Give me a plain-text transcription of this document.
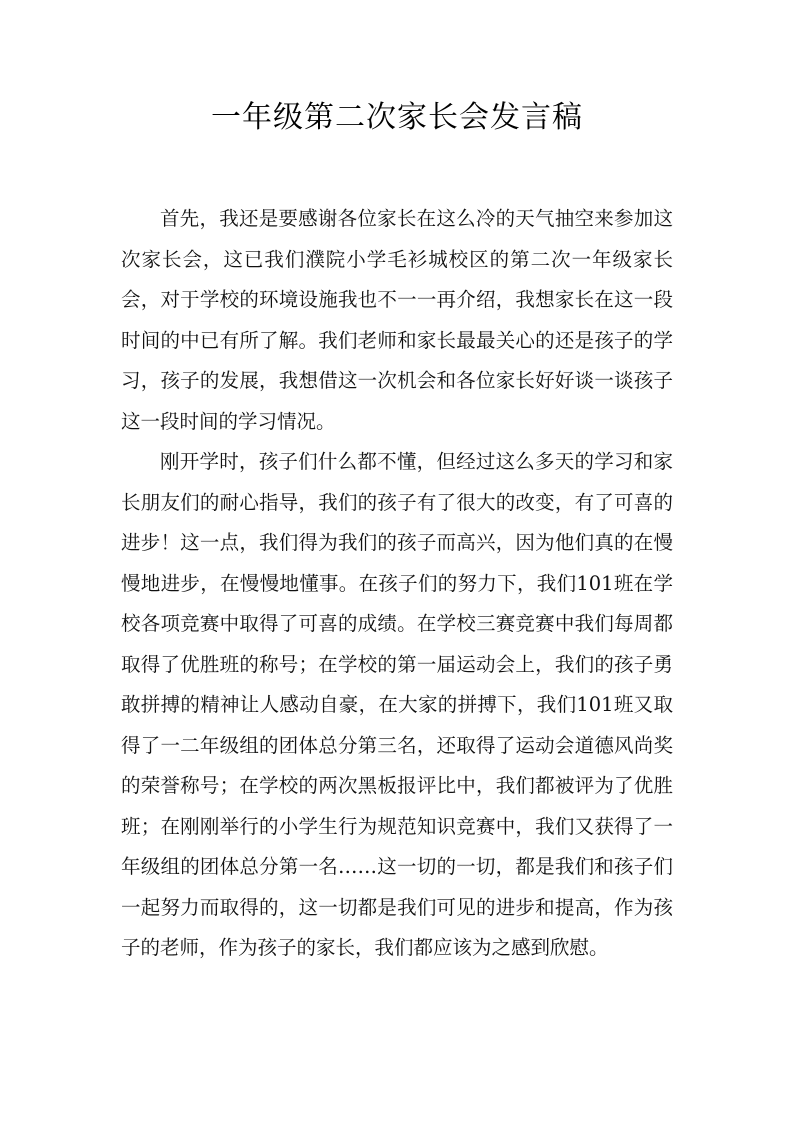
一年级第二次家长会发言稿

首先，我还是要感谢各位家长在这么冷的天气抽空来参加这次家长会，这已我们濮院小学毛衫城校区的第二次一年级家长会，对于学校的环境设施我也不一一再介绍，我想家长在这一段时间的中已有所了解。我们老师和家长最最关心的还是孩子的学习，孩子的发展，我想借这一次机会和各位家长好好谈一谈孩子这一段时间的学习情况。

刚开学时，孩子们什么都不懂，但经过这么多天的学习和家长朋友们的耐心指导，我们的孩子有了很大的改变，有了可喜的进步！这一点，我们得为我们的孩子而高兴，因为他们真的在慢慢地进步，在慢慢地懂事。在孩子们的努力下，我们101班在学校各项竞赛中取得了可喜的成绩。在学校三赛竞赛中我们每周都取得了优胜班的称号；在学校的第一届运动会上，我们的孩子勇敢拼搏的精神让人感动自豪，在大家的拼搏下，我们101班又取得了一二年级组的团体总分第三名，还取得了运动会道德风尚奖的荣誉称号；在学校的两次黑板报评比中，我们都被评为了优胜班；在刚刚举行的小学生行为规范知识竞赛中，我们又获得了一年级组的团体总分第一名……这一切的一切，都是我们和孩子们一起努力而取得的，这一切都是我们可见的进步和提高，作为孩子的老师，作为孩子的家长，我们都应该为之感到欣慰。
